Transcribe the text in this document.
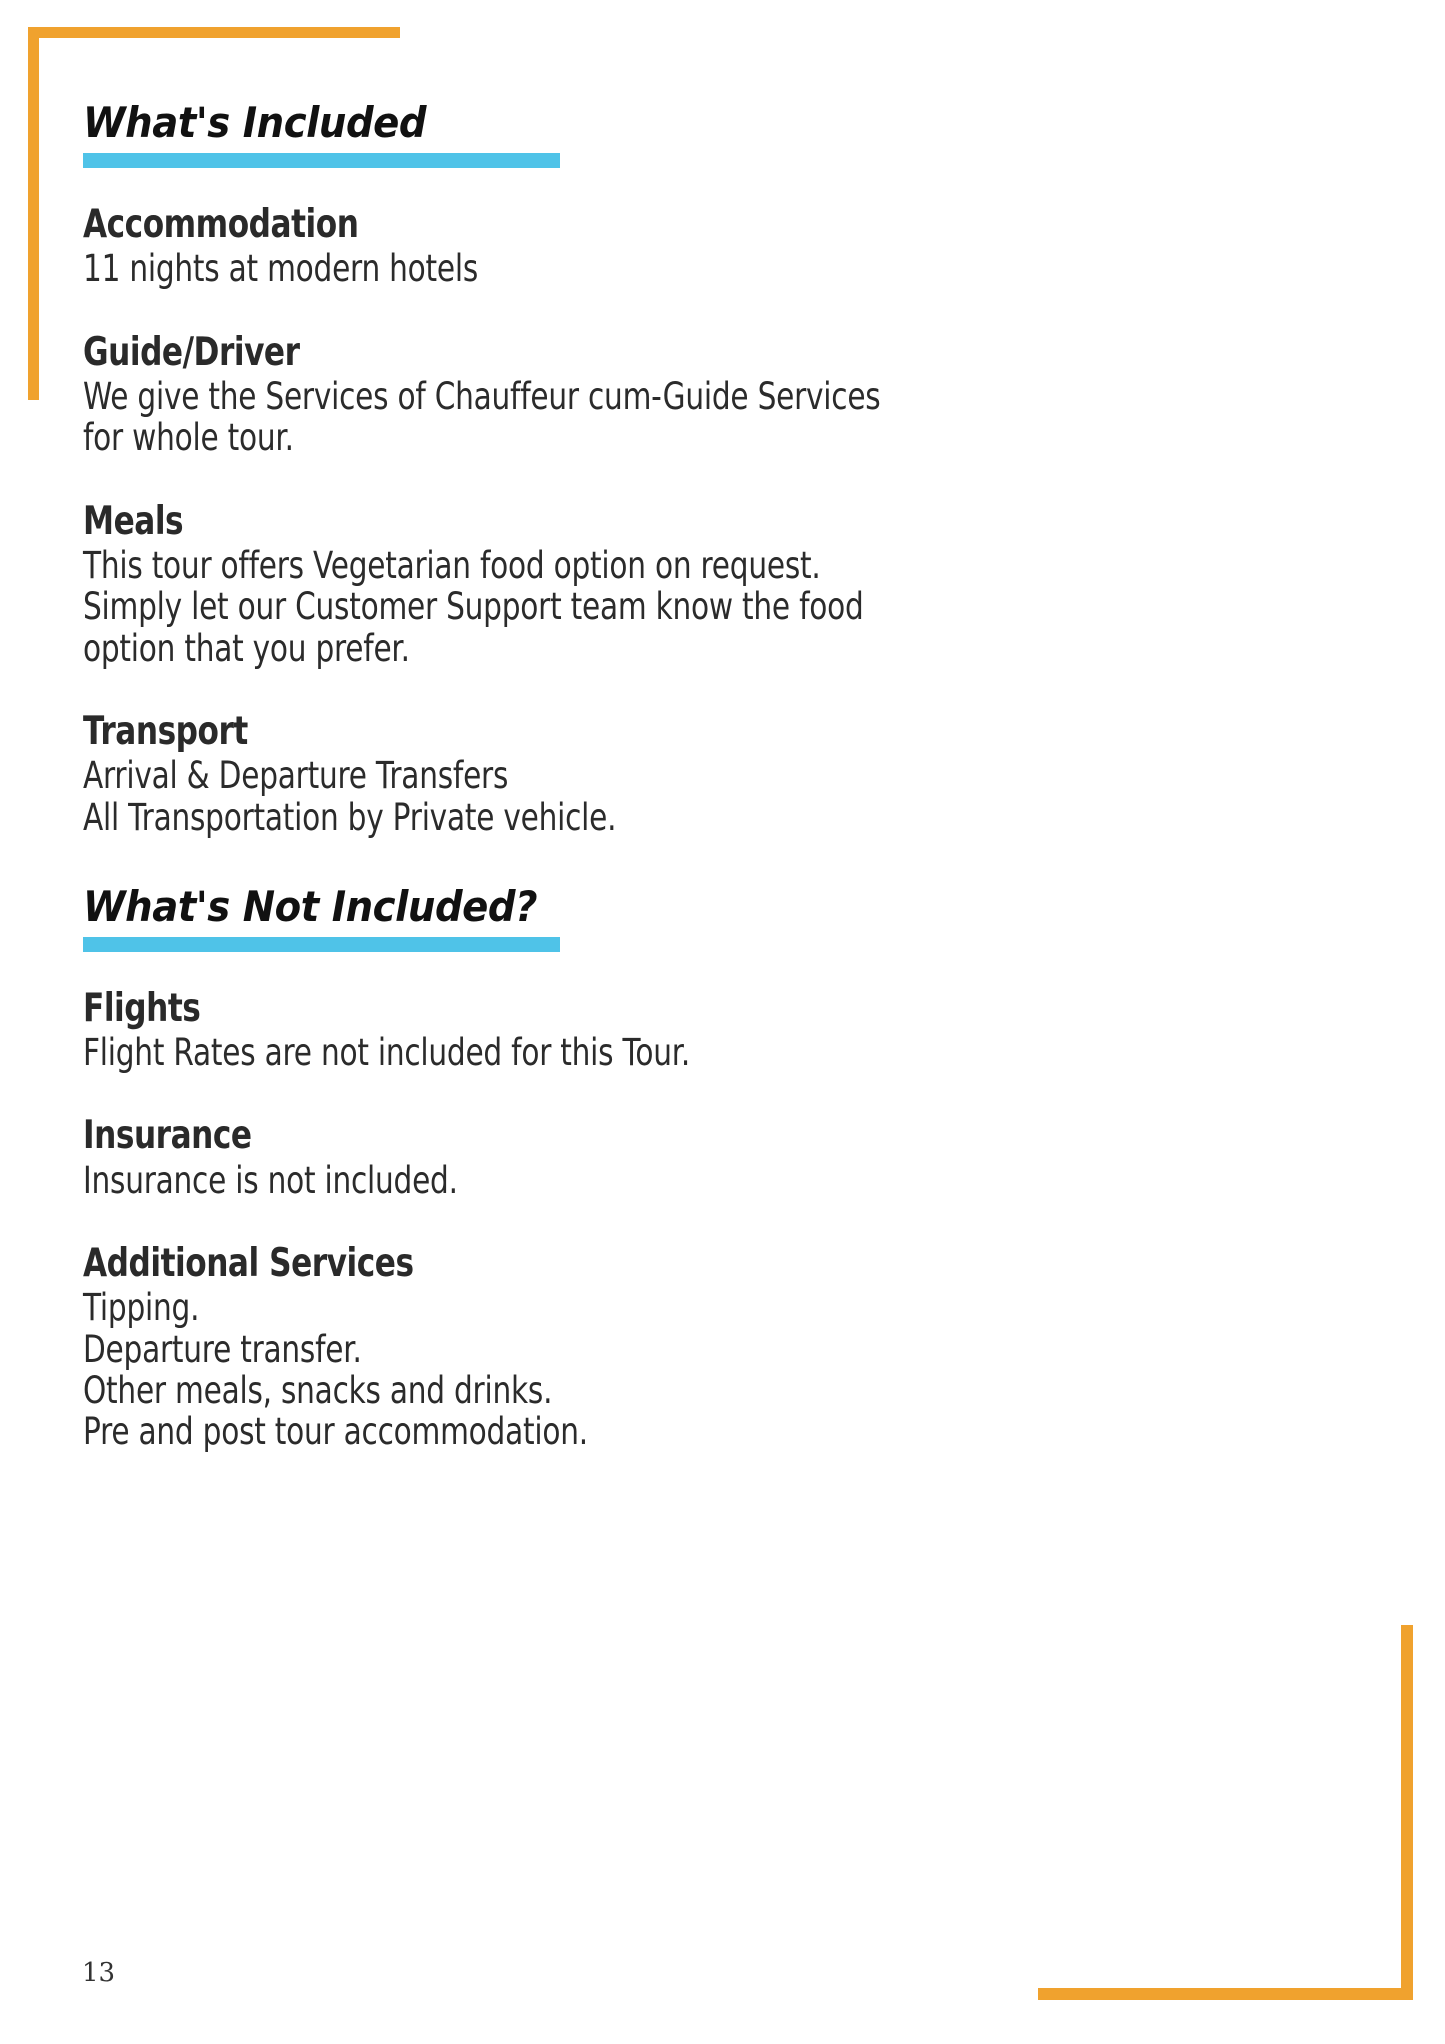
What's Included
Accommodation
11 nights at modern hotels
Guide/Driver
We give the Services of Chauffeur cum-Guide Services
for whole tour.
Meals
This tour offers Vegetarian food option on request.
Simply let our Customer Support team know the food
option that you prefer.
Transport
Arrival & Departure Transfers
All Transportation by Private vehicle.
What's Not Included?
Flights
Flight Rates are not included for this Tour.
Insurance
Insurance is not included.
Additional Services
Tipping.
Departure transfer.
Other meals, snacks and drinks.
Pre and post tour accommodation.
13
